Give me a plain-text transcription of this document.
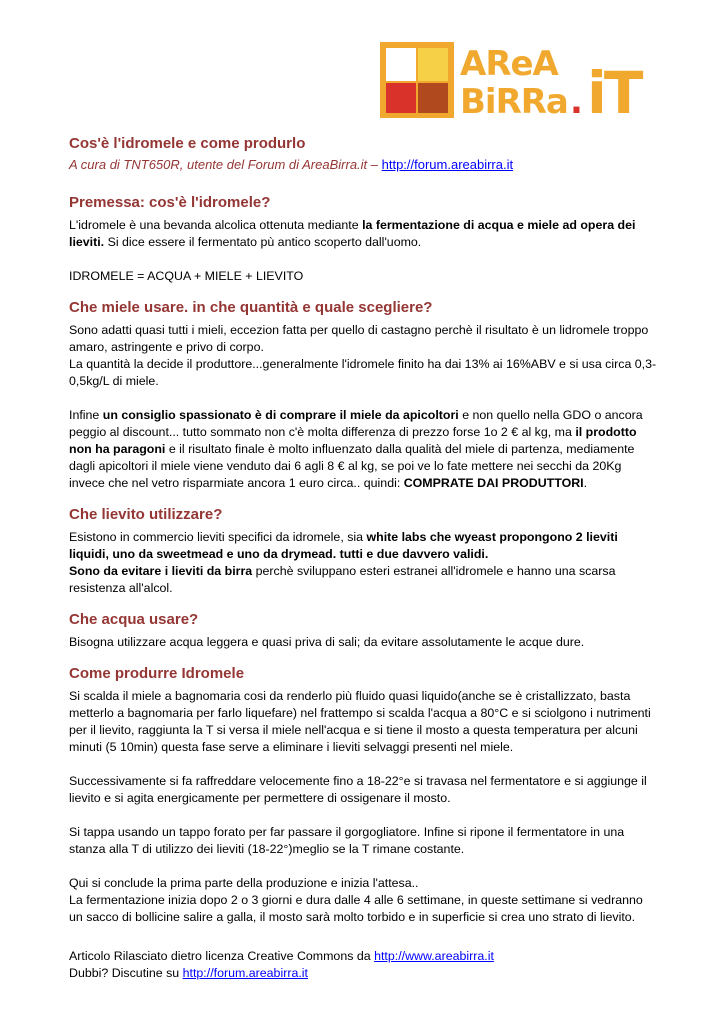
AReA
BiRRa . iT
Cos'è l'idromele e come produrlo
A cura di TNT650R, utente del Forum di AreaBirra.it – http://forum.areabirra.it
Premessa: cos'è l'idromele?

L'idromele è una bevanda alcolica ottenuta mediante la fermentazione di acqua e miele ad opera dei lieviti. Si dice essere il fermentato pù antico scoperto dall'uomo.

IDROMELE = ACQUA + MIELE + LIEVITO

Che miele usare. in che quantità e quale scegliere?

Sono adatti quasi tutti i mieli, eccezion fatta per quello di castagno perchè il risultato è un lidromele troppo amaro, astringente e privo di corpo.

La quantità la decide il produttore...generalmente l'idromele finito ha dai 13% ai 16%ABV e si usa circa 0,3-0,5kg/L di miele.

Infine un consiglio spassionato è di comprare il miele da apicoltori e non quello nella GDO o ancora peggio al discount... tutto sommato non c'è molta differenza di prezzo forse 1o 2 € al kg, ma il prodotto non ha paragoni e il risultato finale è molto influenzato dalla qualità del miele di partenza, mediamente dagli apicoltori il miele viene venduto dai 6 agli 8 € al kg, se poi ve lo fate mettere nei secchi da 20Kg invece che nel vetro risparmiate ancora 1 euro circa.. quindi: COMPRATE DAI PRODUTTORI.

Che lievito utilizzare?

Esistono in commercio lieviti specifici da idromele, sia white labs che wyeast propongono 2 lieviti liquidi, uno da sweetmead e uno da drymead. tutti e due davvero validi.

Sono da evitare i lieviti da birra perchè sviluppano esteri estranei all'idromele e hanno una scarsa resistenza all'alcol.

Che acqua usare?

Bisogna utilizzare acqua leggera e quasi priva di sali; da evitare assolutamente le acque dure.

Come produrre Idromele

Si scalda il miele a bagnomaria cosi da renderlo più fluido quasi liquido(anche se è cristallizzato, basta metterlo a bagnomaria per farlo liquefare) nel frattempo si scalda l'acqua a 80°C e si sciolgono i nutrimenti per il lievito, raggiunta la T si versa il miele nell'acqua e si tiene il mosto a questa temperatura per alcuni minuti (5 10min) questa fase serve a eliminare i lieviti selvaggi presenti nel miele.

Successivamente si fa raffreddare velocemente fino a 18-22°e si travasa nel fermentatore e si aggiunge il lievito e si agita energicamente per permettere di ossigenare il mosto.

Si tappa usando un tappo forato per far passare il gorgogliatore. Infine si ripone il fermentatore in una stanza alla T di utilizzo dei lieviti (18-22°)meglio se la T rimane costante.

Qui si conclude la prima parte della produzione e inizia l'attesa..

La fermentazione inizia dopo 2 o 3 giorni e dura dalle 4 alle 6 settimane, in queste settimane si vedranno un sacco di bollicine salire a galla, il mosto sarà molto torbido e in superficie si crea uno strato di lievito.

Articolo Rilasciato dietro licenza Creative Commons da http://www.areabirra.it

Dubbi? Discutine su http://forum.areabirra.it
